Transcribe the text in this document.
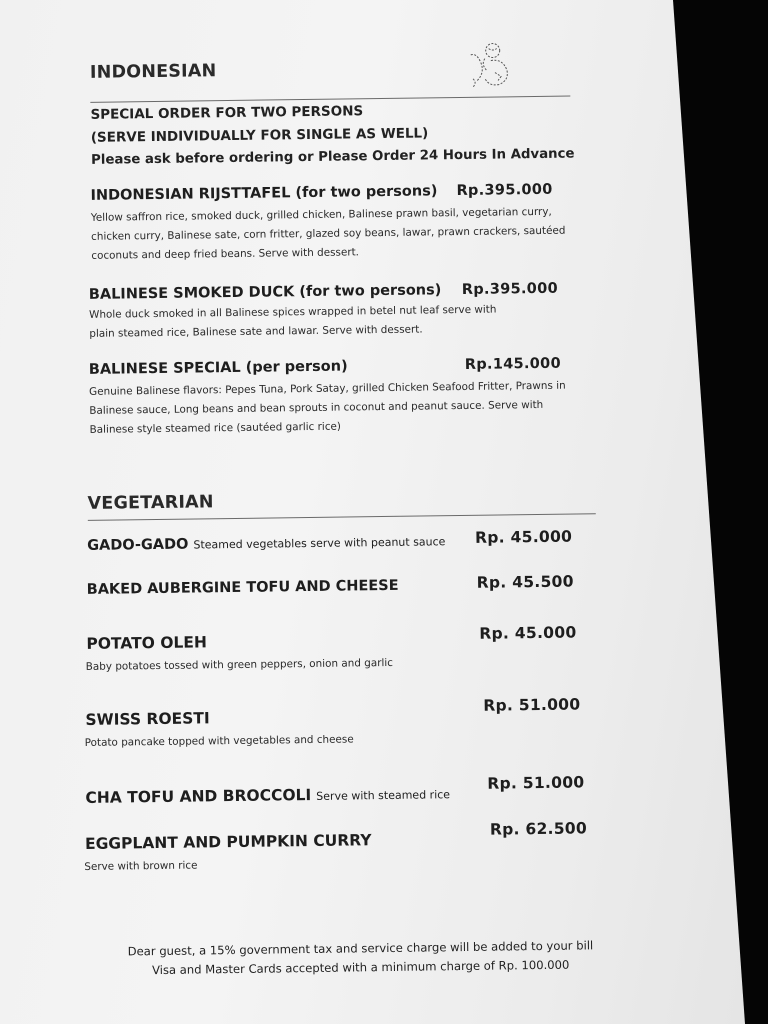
INDONESIAN
SPECIAL ORDER FOR TWO PERSONS
(SERVE INDIVIDUALLY FOR SINGLE AS WELL)
Please ask before ordering or Please Order 24 Hours In Advance
INDONESIAN RIJSTTAFEL (for two persons) Rp.395.000
Yellow saffron rice, smoked duck, grilled chicken, Balinese prawn basil, vegetarian curry, chicken curry, Balinese sate, corn fritter, glazed soy beans, lawar, prawn crackers, sautéed coconuts and deep fried beans. Serve with dessert.
BALINESE SMOKED DUCK (for two persons) Rp.395.000
Whole duck smoked in all Balinese spices wrapped in betel nut leaf serve with plain steamed rice, Balinese sate and lawar. Serve with dessert.
BALINESE SPECIAL (per person)	Rp.145.000
Genuine Balinese flavors: Pepes Tuna, Pork Satay, grilled Chicken Seafood Fritter, Prawns in Balinese sauce, Long beans and bean sprouts in coconut and peanut sauce. Serve with Balinese style steamed rice (sautéed garlic rice)
VEGETARIAN
GADO-GADO Steamed vegetables serve with peanut sauce Rp. 45.000
BAKED AUBERGINE TOFU AND CHEESE	Rp. 45.500
POTATO OLEH
Rp. 45.000
Baby potatoes tossed with green peppers, onion and garlic
SWISS ROESTI
Rp. 51.000
Potato pancake topped with vegetables and cheese
CHA TOFU AND BROCCOLI Serve with steamed rice
Rp. 51.000
EGGPLANT AND PUMPKIN CURRY
Rp. 62.500
Serve with brown rice
Dear guest, a 15% government tax and service charge will be added to your bill
Visa and Master Cards accepted with a minimum charge of Rp. 100.000
